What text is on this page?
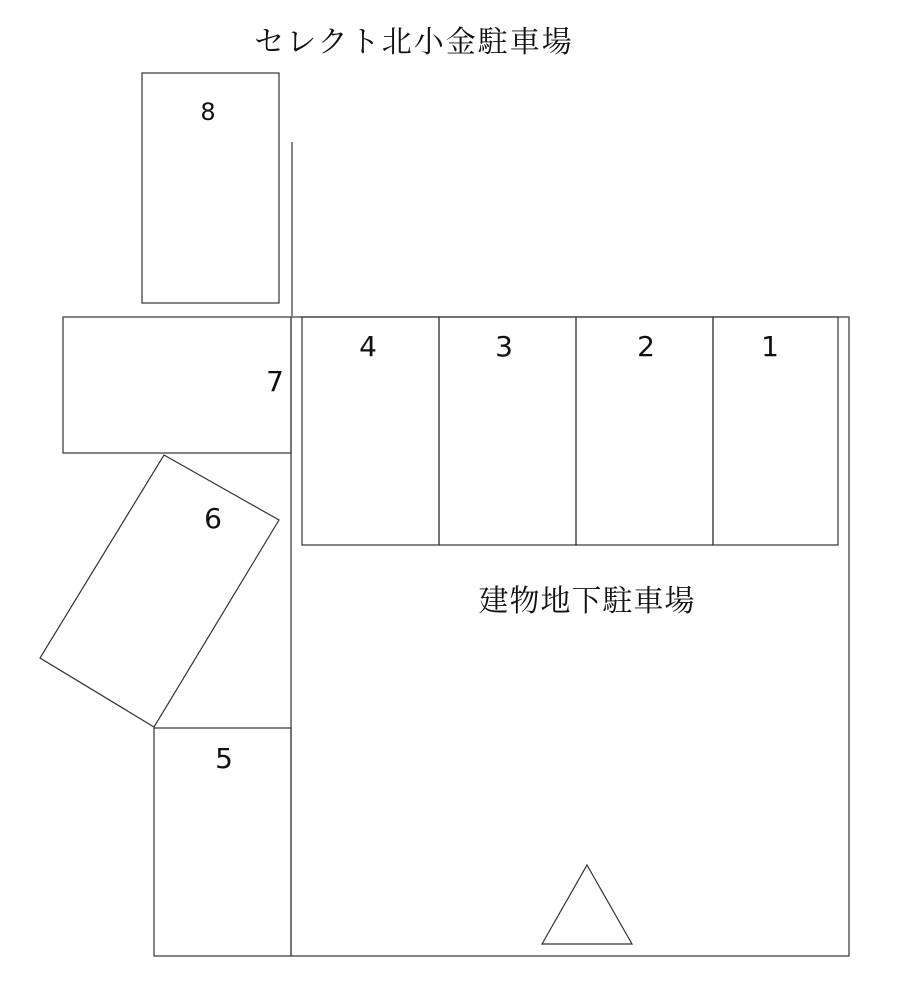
セレクト北小金駐車場
8
7
6
5
4	3	2	1
建物地下駐車場
